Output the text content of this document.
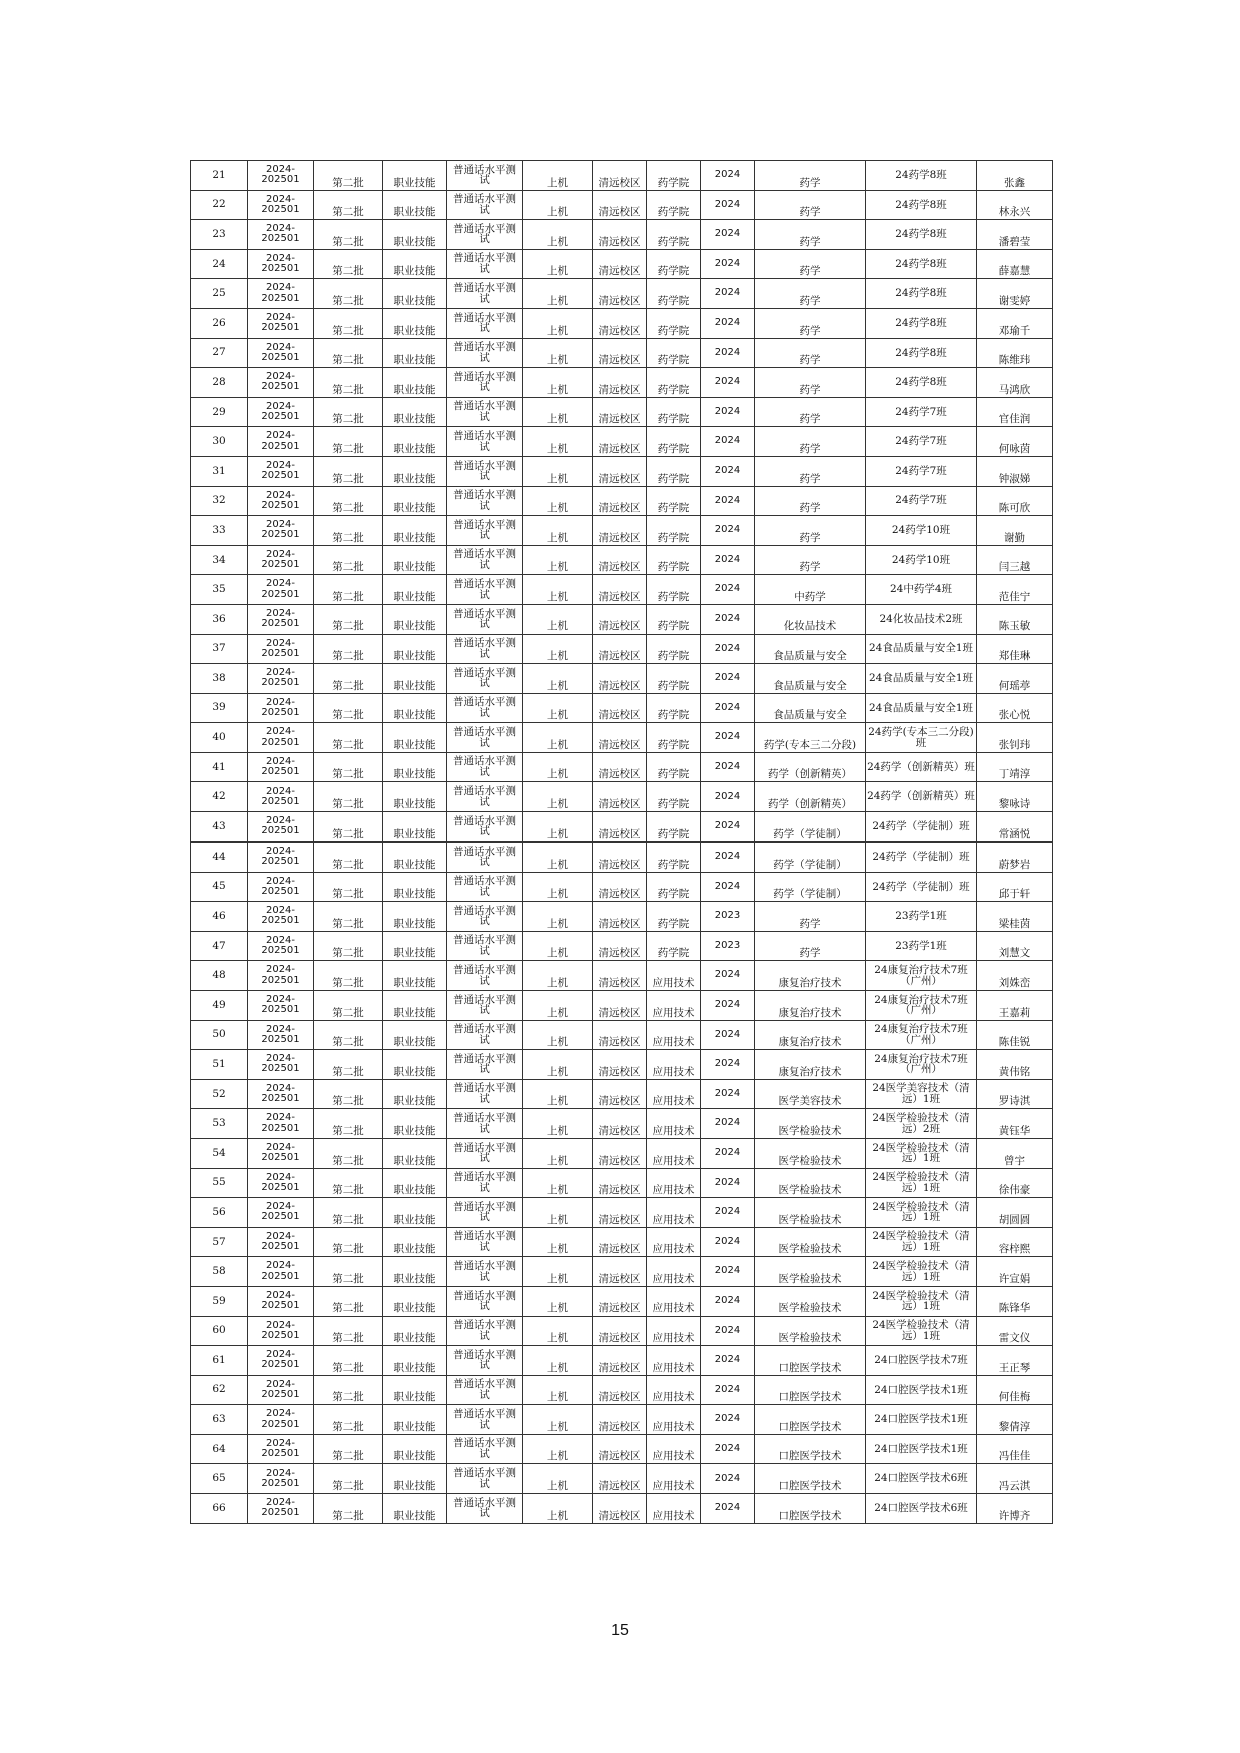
21	2024-
202501	第二批	职业技能	普通话水平测
试	上机	清远校区	药学院	2024	药学	24药学8班	张鑫
22	2024-
202501	第二批	职业技能	普通话水平测
试	上机	清远校区	药学院	2024	药学	24药学8班	林永兴
23	2024-
202501	第二批	职业技能	普通话水平测
试	上机	清远校区	药学院	2024	药学	24药学8班	潘碧莹
24	2024-
202501	第二批	职业技能	普通话水平测
试	上机	清远校区	药学院	2024	药学	24药学8班	薛嘉慧
25	2024-
202501	第二批	职业技能	普通话水平测
试	上机	清远校区	药学院	2024	药学	24药学8班	谢雯婷
26	2024-
202501	第二批	职业技能	普通话水平测
试	上机	清远校区	药学院	2024	药学	24药学8班	邓瑜千
27	2024-
202501	第二批	职业技能	普通话水平测
试	上机	清远校区	药学院	2024	药学	24药学8班	陈维玮
28	2024-
202501	第二批	职业技能	普通话水平测
试	上机	清远校区	药学院	2024	药学	24药学8班	马鸿欣
29	2024-
202501	第二批	职业技能	普通话水平测
试	上机	清远校区	药学院	2024	药学	24药学7班	官佳润
30	2024-
202501	第二批	职业技能	普通话水平测
试	上机	清远校区	药学院	2024	药学	24药学7班	何咏茵
31	2024-
202501	第二批	职业技能	普通话水平测
试	上机	清远校区	药学院	2024	药学	24药学7班	钟淑娣
32	2024-
202501	第二批	职业技能	普通话水平测
试	上机	清远校区	药学院	2024	药学	24药学7班	陈可欣
33	2024-
202501	第二批	职业技能	普通话水平测
试	上机	清远校区	药学院	2024	药学	24药学10班	谢勤
34	2024-
202501	第二批	职业技能	普通话水平测
试	上机	清远校区	药学院	2024	药学	24药学10班	闫三越
35	2024-
202501	第二批	职业技能	普通话水平测
试	上机	清远校区	药学院	2024	中药学	24中药学4班	范佳宁
36	2024-
202501	第二批	职业技能	普通话水平测
试	上机	清远校区	药学院	2024	化妆品技术	24化妆品技术2班	陈玉敏
37	2024-
202501	第二批	职业技能	普通话水平测
试	上机	清远校区	药学院	2024	食品质量与安全	24食品质量与安全1班	郑佳琳
38	2024-
202501	第二批	职业技能	普通话水平测
试	上机	清远校区	药学院	2024	食品质量与安全	24食品质量与安全1班	何瑶葶
39	2024-
202501	第二批	职业技能	普通话水平测
试	上机	清远校区	药学院	2024	食品质量与安全	24食品质量与安全1班	张心悦
40	2024-
202501	第二批	职业技能	普通话水平测
试	上机	清远校区	药学院	2024	药学(专本三二分段)	24药学(专本三二分段)班	张钊玮
41	2024-
202501	第二批	职业技能	普通话水平测
试	上机	清远校区	药学院	2024	药学（创新精英）	24药学（创新精英）班	丁靖淳
42	2024-
202501	第二批	职业技能	普通话水平测
试	上机	清远校区	药学院	2024	药学（创新精英）	24药学（创新精英）班	黎咏诗
43	2024-
202501	第二批	职业技能	普通话水平测
试	上机	清远校区	药学院	2024	药学（学徒制）	24药学（学徒制）班	常涵悦
44	2024-
202501	第二批	职业技能	普通话水平测
试	上机	清远校区	药学院	2024	药学（学徒制）	24药学（学徒制）班	蔚梦岩
45	2024-
202501	第二批	职业技能	普通话水平测
试	上机	清远校区	药学院	2024	药学（学徒制）	24药学（学徒制）班	邱于轩
46	2024-
202501	第二批	职业技能	普通话水平测
试	上机	清远校区	药学院	2023	药学	23药学1班	梁桂茵
47	2024-
202501	第二批	职业技能	普通话水平测
试	上机	清远校区	药学院	2023	药学	23药学1班	刘慧文
48	2024-
202501	第二批	职业技能	普通话水平测
试	上机	清远校区	应用技术	2024	康复治疗技术	24康复治疗技术7班（广州）	刘姝峦
49	2024-
202501	第二批	职业技能	普通话水平测
试	上机	清远校区	应用技术	2024	康复治疗技术	24康复治疗技术7班（广州）	王嘉莉
50	2024-
202501	第二批	职业技能	普通话水平测
试	上机	清远校区	应用技术	2024	康复治疗技术	24康复治疗技术7班（广州）	陈佳锐
51	2024-
202501	第二批	职业技能	普通话水平测
试	上机	清远校区	应用技术	2024	康复治疗技术	24康复治疗技术7班（广州）	黄伟铭
52	2024-
202501	第二批	职业技能	普通话水平测
试	上机	清远校区	应用技术	2024	医学美容技术	24医学美容技术（清远）1班	罗诗淇
53	2024-
202501	第二批	职业技能	普通话水平测
试	上机	清远校区	应用技术	2024	医学检验技术	24医学检验技术（清远）2班	黄钰华
54	2024-
202501	第二批	职业技能	普通话水平测
试	上机	清远校区	应用技术	2024	医学检验技术	24医学检验技术（清远）1班	曾宇
55	2024-
202501	第二批	职业技能	普通话水平测
试	上机	清远校区	应用技术	2024	医学检验技术	24医学检验技术（清远）1班	徐伟豪
56	2024-
202501	第二批	职业技能	普通话水平测
试	上机	清远校区	应用技术	2024	医学检验技术	24医学检验技术（清远）1班	胡圆圆
57	2024-
202501	第二批	职业技能	普通话水平测
试	上机	清远校区	应用技术	2024	医学检验技术	24医学检验技术（清远）1班	容梓熙
58	2024-
202501	第二批	职业技能	普通话水平测
试	上机	清远校区	应用技术	2024	医学检验技术	24医学检验技术（清远）1班	许宣娟
59	2024-
202501	第二批	职业技能	普通话水平测
试	上机	清远校区	应用技术	2024	医学检验技术	24医学检验技术（清远）1班	陈锋华
60	2024-
202501	第二批	职业技能	普通话水平测
试	上机	清远校区	应用技术	2024	医学检验技术	24医学检验技术（清远）1班	雷文仪
61	2024-
202501	第二批	职业技能	普通话水平测
试	上机	清远校区	应用技术	2024	口腔医学技术	24口腔医学技术7班	王正琴
62	2024-
202501	第二批	职业技能	普通话水平测
试	上机	清远校区	应用技术	2024	口腔医学技术	24口腔医学技术1班	何佳梅
63	2024-
202501	第二批	职业技能	普通话水平测
试	上机	清远校区	应用技术	2024	口腔医学技术	24口腔医学技术1班	黎倩淳
64	2024-
202501	第二批	职业技能	普通话水平测
试	上机	清远校区	应用技术	2024	口腔医学技术	24口腔医学技术1班	冯佳佳
65	2024-
202501	第二批	职业技能	普通话水平测
试	上机	清远校区	应用技术	2024	口腔医学技术	24口腔医学技术6班	冯云淇
66	2024-
202501	第二批	职业技能	普通话水平测
试	上机	清远校区	应用技术	2024	口腔医学技术	24口腔医学技术6班	许博齐
15
